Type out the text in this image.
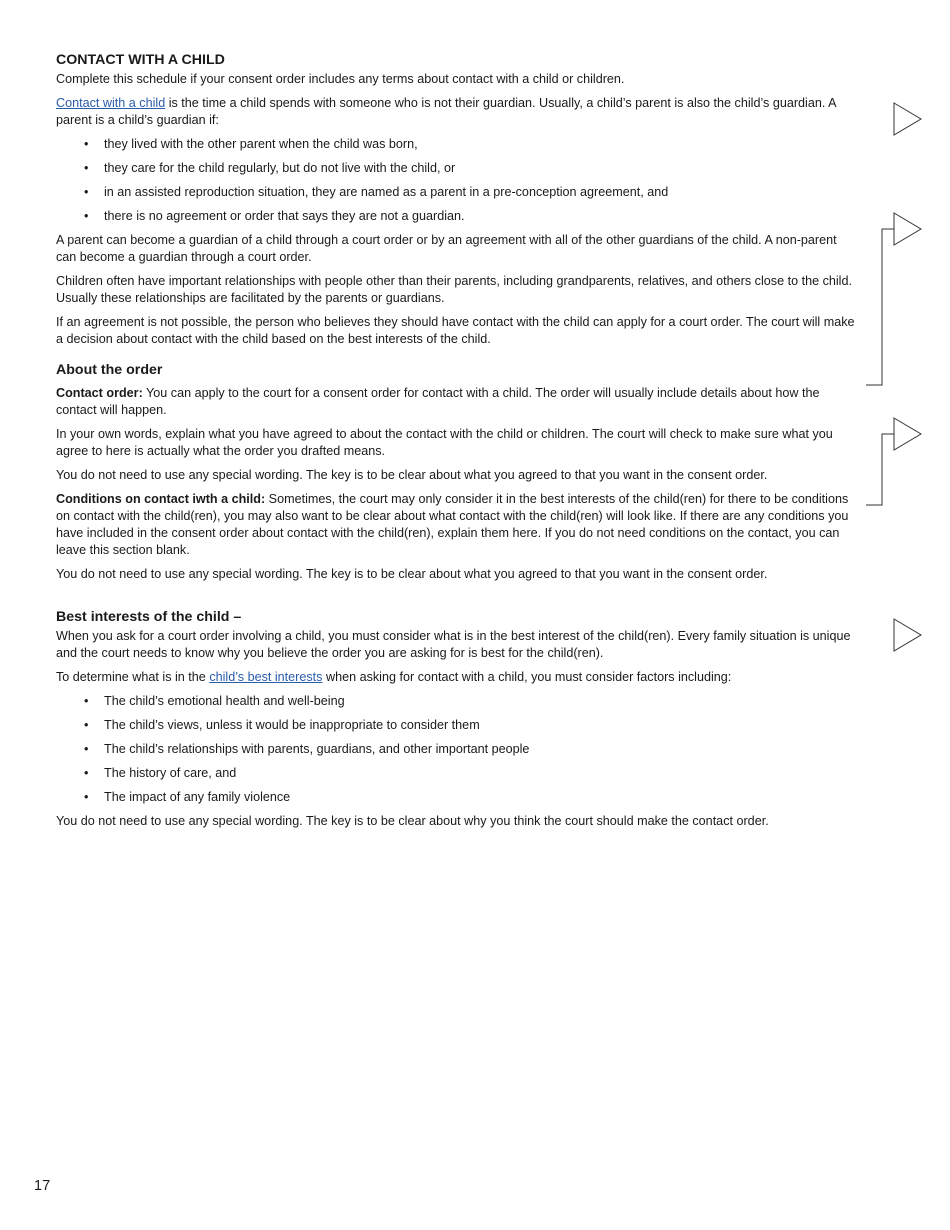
CONTACT WITH A CHILD

Complete this schedule if your consent order includes any terms about contact with a child or children.

Contact with a child is the time a child spends with someone who is not their guardian. Usually, a child’s parent is also the child’s guardian. A parent is a child’s guardian if:

• they lived with the other parent when the child was born,
• they care for the child regularly, but do not live with the child, or
• in an assisted reproduction situation, they are named as a parent in a pre-conception agreement, and
• there is no agreement or order that says they are not a guardian.

A parent can become a guardian of a child through a court order or by an agreement with all of the other guardians of the child. A non-parent can become a guardian through a court order.

Children often have important relationships with people other than their parents, including grandparents, relatives, and others close to the child. Usually these relationships are facilitated by the parents or guardians.

If an agreement is not possible, the person who believes they should have contact with the child can apply for a court order. The court will make a decision about contact with the child based on the best interests of the child.

About the order

Contact order: You can apply to the court for a consent order for contact with a child. The order will usually include details about how the contact will happen.

In your own words, explain what you have agreed to about the contact with the child or children. The court will check to make sure what you agree to here is actually what the order you drafted means.

You do not need to use any special wording. The key is to be clear about what you agreed to that you want in the consent order.

Conditions on contact iwth a child: Sometimes, the court may only consider it in the best interests of the child(ren) for there to be conditions on contact with the child(ren), you may also want to be clear about what contact with the child(ren) will look like. If there are any conditions you have included in the consent order about contact with the child(ren), explain them here. If you do not need conditions on the contact, you can leave this section blank.

You do not need to use any special wording. The key is to be clear about what you agreed to that you want in the consent order.

Best interests of the child –

When you ask for a court order involving a child, you must consider what is in the best interest of the child(ren). Every family situation is unique and the court needs to know why you believe the order you are asking for is best for the child(ren).

To determine what is in the child’s best interests when asking for contact with a child, you must consider factors including:

• The child’s emotional health and well-being
• The child’s views, unless it would be inappropriate to consider them
• The child’s relationships with parents, guardians, and other important people
• The history of care, and
• The impact of any family violence

You do not need to use any special wording. The key is to be clear about why you think the court should make the contact order.

17
